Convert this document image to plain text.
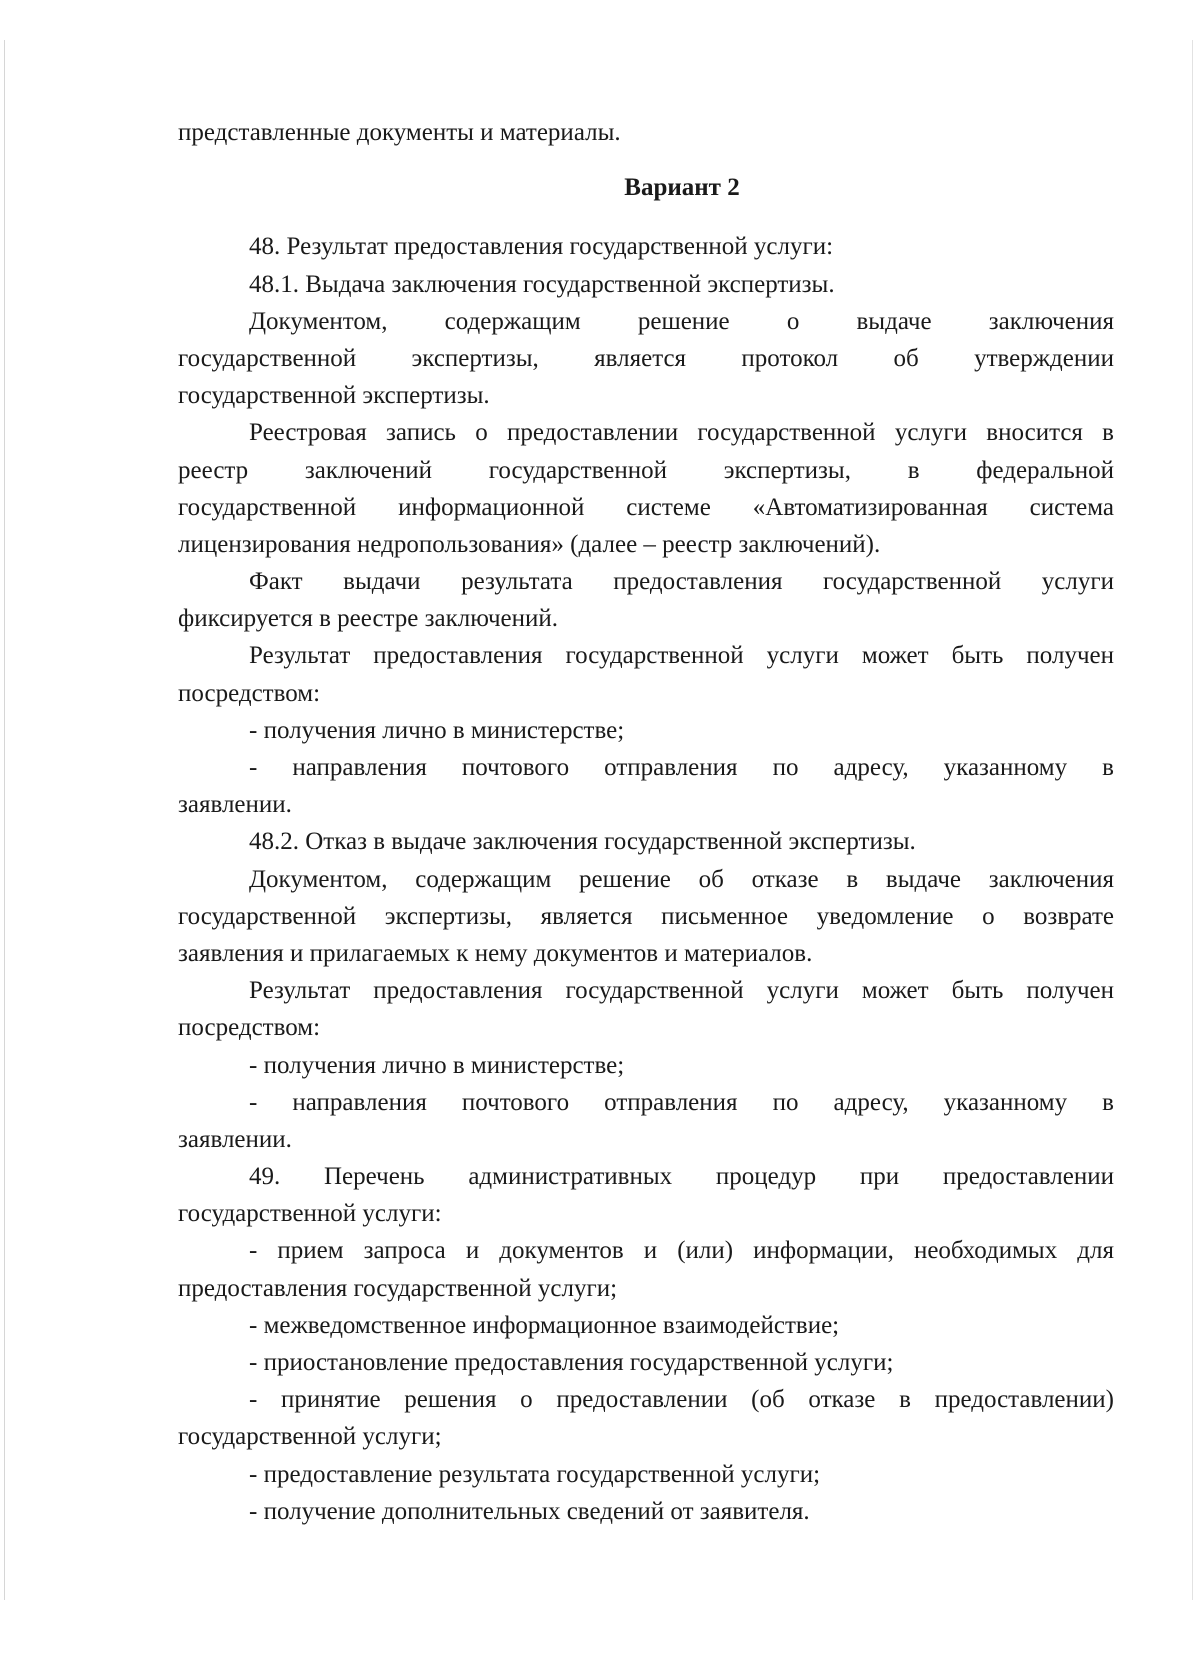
представленные документы и материалы.
Вариант 2
48. Результат предоставления государственной услуги:
48.1. Выдача заключения государственной экспертизы.
Документом, содержащим решение о выдаче заключения
государственной экспертизы, является протокол об утверждении
государственной экспертизы.
Реестровая запись о предоставлении государственной услуги вносится в
реестр заключений государственной экспертизы, в федеральной
государственной информационной системе «Автоматизированная система
лицензирования недропользования» (далее – реестр заключений).
Факт выдачи результата предоставления государственной услуги
фиксируется в реестре заключений.
Результат предоставления государственной услуги может быть получен
посредством:
- получения лично в министерстве;
- направления почтового отправления по адресу, указанному в
заявлении.
48.2. Отказ в выдаче заключения государственной экспертизы.
Документом, содержащим решение об отказе в выдаче заключения
государственной экспертизы, является письменное уведомление о возврате
заявления и прилагаемых к нему документов и материалов.
Результат предоставления государственной услуги может быть получен
посредством:
- получения лично в министерстве;
- направления почтового отправления по адресу, указанному в
заявлении.
49. Перечень административных процедур при предоставлении
государственной услуги:
- прием запроса и документов и (или) информации, необходимых для
предоставления государственной услуги;
- межведомственное информационное взаимодействие;
- приостановление предоставления государственной услуги;
- принятие решения о предоставлении (об отказе в предоставлении)
государственной услуги;
- предоставление результата государственной услуги;
- получение дополнительных сведений от заявителя.
